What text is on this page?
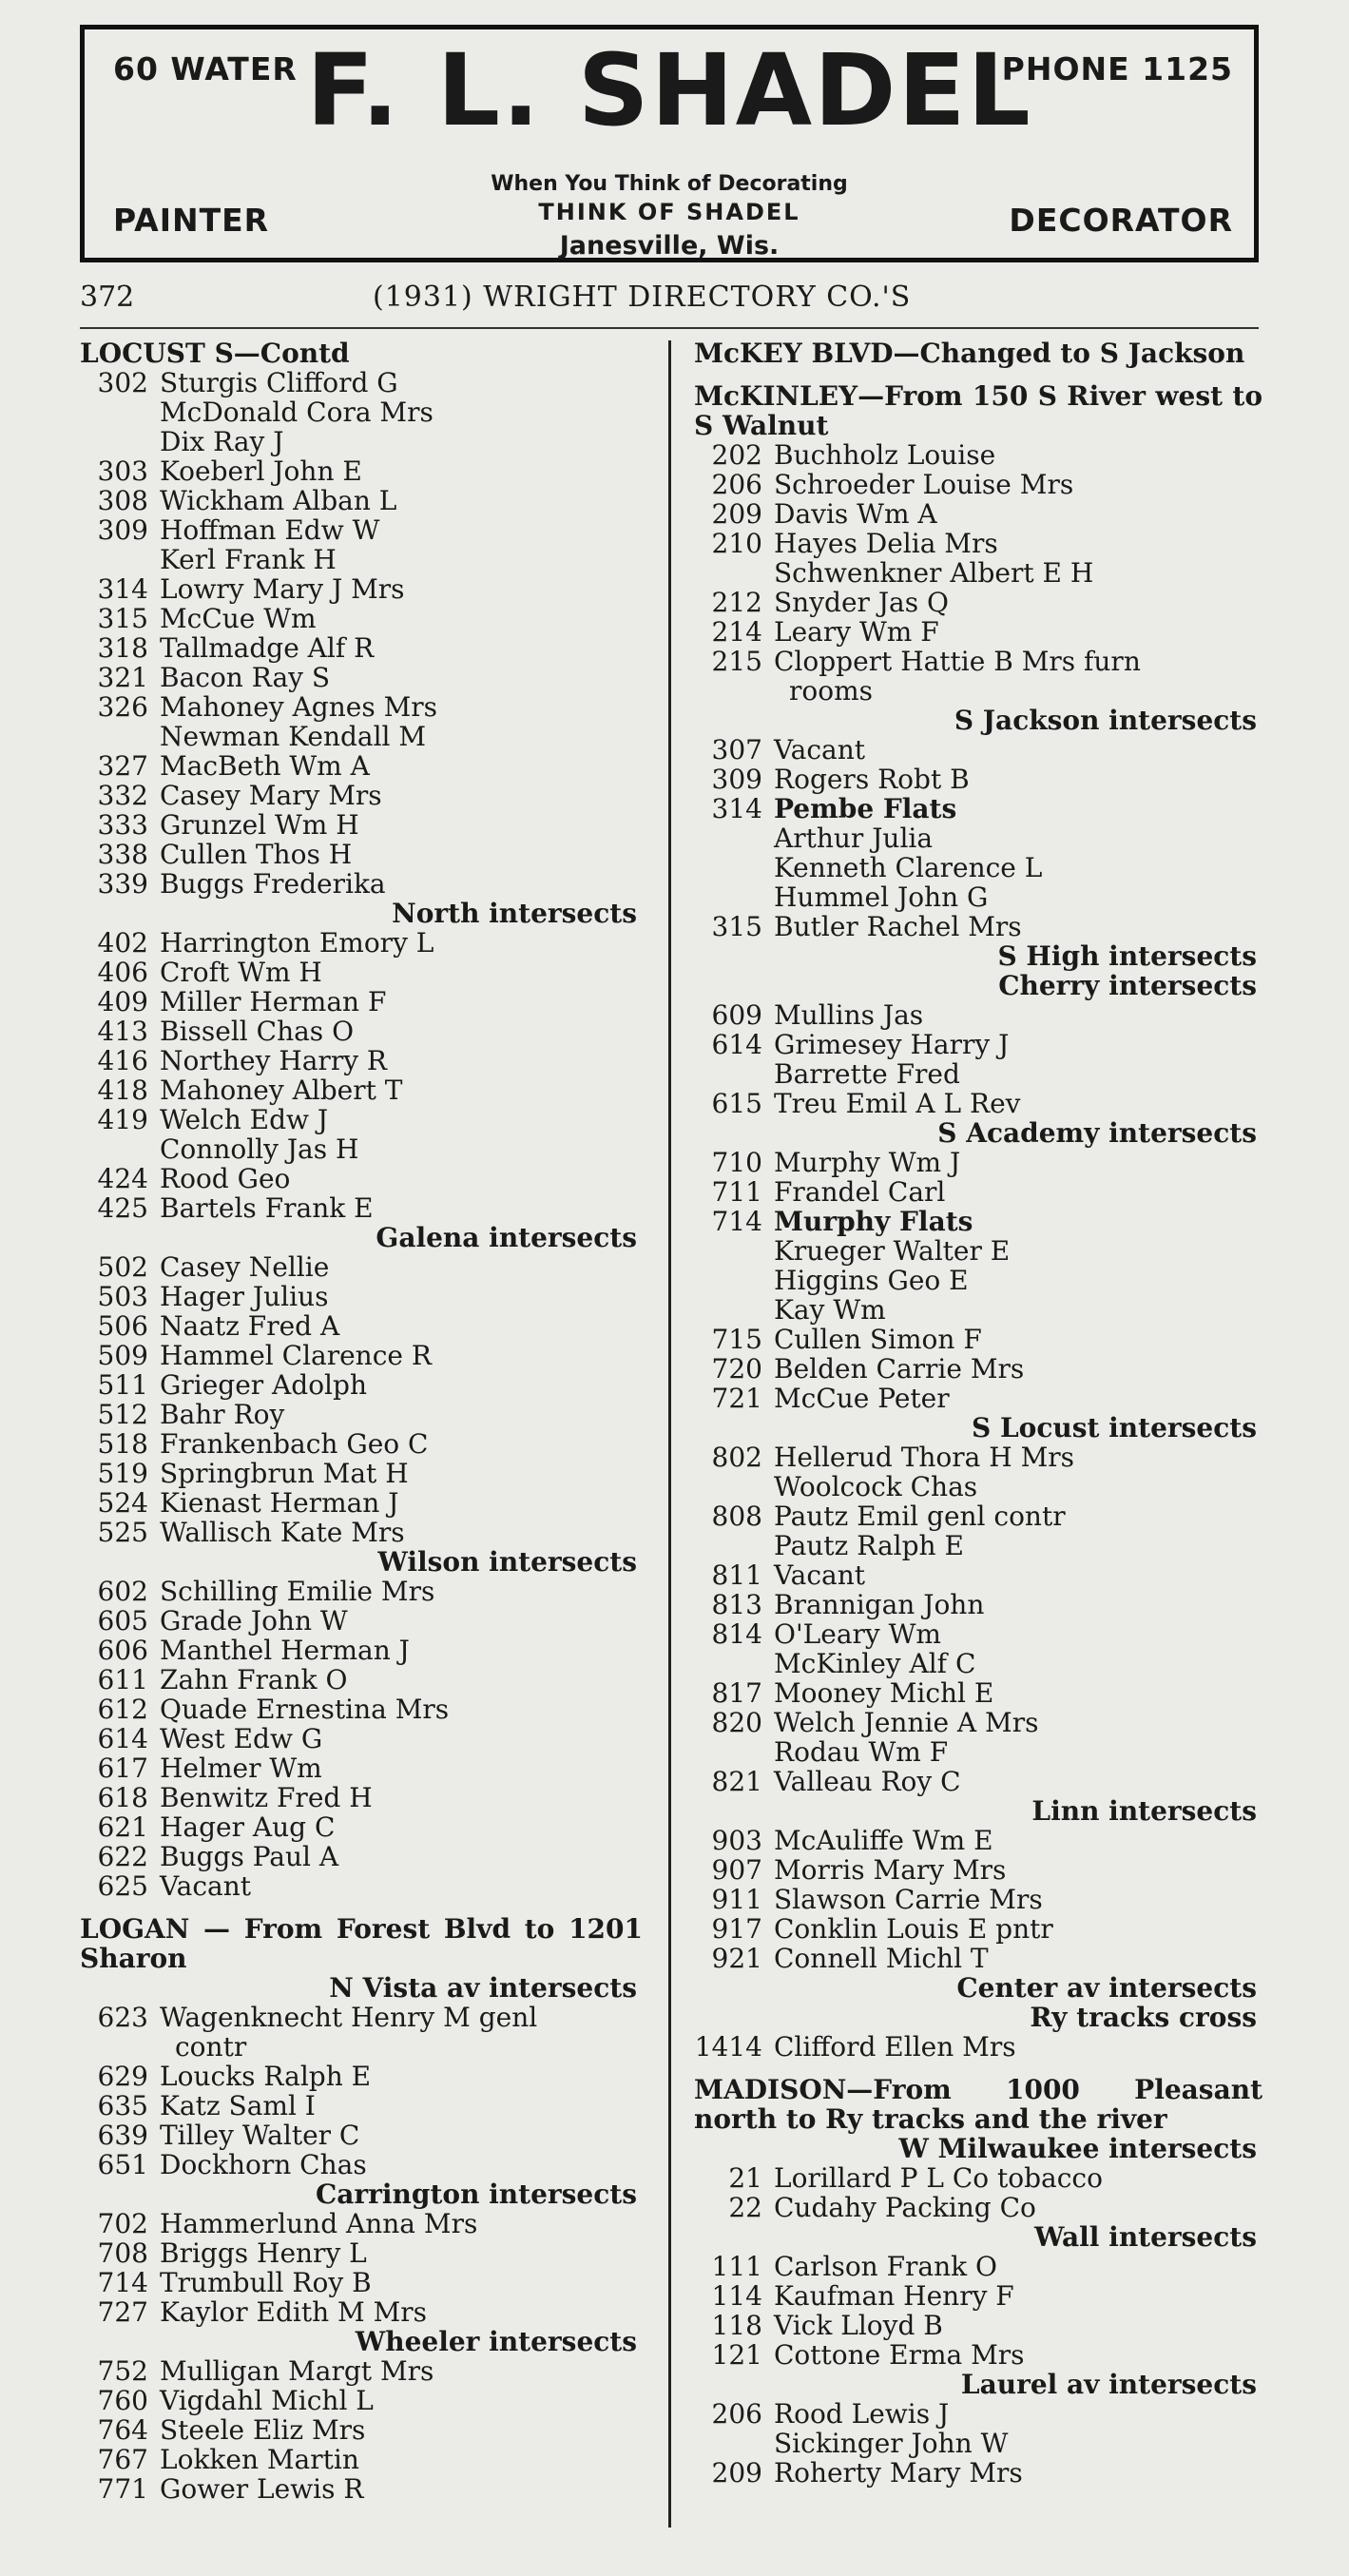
60 WATER F. L. SHADEL
PHONE 1125
When You Think of Decorating
THINK OF SHADEL
PAINTER
Janesville, Wis.
DECORATOR
372	(1931) WRIGHT DIRECTORY CO.'S
LOCUST S—Contd
302 Sturgis Clifford G
McDonald Cora Mrs
Dix Ray J
303 Koeberl John E
308 Wickham Alban L
309 Hoffman Edw W
Kerl Frank H
314 Lowry Mary J Mrs
315 McCue Wm
318 Tallmadge Alf R
321 Bacon Ray S
326 Mahoney Agnes Mrs
Newman Kendall M
327 MacBeth Wm A
332 Casey Mary Mrs
333 Grunzel Wm H
338 Cullen Thos H
339 Buggs Frederika
North intersects
402 Harrington Emory L
406 Croft Wm H
409 Miller Herman F
413 Bissell Chas O
416 Northey Harry R
418 Mahoney Albert T
419 Welch Edw J
Connolly Jas H
424 Rood Geo
425 Bartels Frank E
Galena intersects
502 Casey Nellie
503 Hager Julius
506 Naatz Fred A
509 Hammel Clarence R
511 Grieger Adolph
512 Bahr Roy
518 Frankenbach Geo C
519 Springbrun Mat H
524 Kienast Herman J
525 Wallisch Kate Mrs
Wilson intersects
602 Schilling Emilie Mrs
605 Grade John W
606 Manthel Herman J
611 Zahn Frank O
612 Quade Ernestina Mrs
614 West Edw G
617 Helmer Wm
618 Benwitz Fred H
621 Hager Aug C
622 Buggs Paul A
625 Vacant
LOGAN — From Forest Blvd to 1201 Sharon
N Vista av intersects
623 Wagenknecht Henry M genl
contr
629 Loucks Ralph E
635 Katz Saml I
639 Tilley Walter C
651 Dockhorn Chas
Carrington intersects
702 Hammerlund Anna Mrs
708 Briggs Henry L
714 Trumbull Roy B
727 Kaylor Edith M Mrs
Wheeler intersects
752 Mulligan Margt Mrs
760 Vigdahl Michl L
764 Steele Eliz Mrs
767 Lokken Martin
771 Gower Lewis R
McKEY BLVD—Changed to S Jackson
McKINLEY—From 150 S River west to S Walnut
202 Buchholz Louise
206 Schroeder Louise Mrs
209 Davis Wm A
210 Hayes Delia Mrs
Schwenkner Albert E H
212 Snyder Jas Q
214 Leary Wm F
215 Cloppert Hattie B Mrs furn
rooms
S Jackson intersects
307 Vacant
309 Rogers Robt B
314 Pembe Flats
Arthur Julia
Kenneth Clarence L
Hummel John G
315 Butler Rachel Mrs
S High intersects
Cherry intersects
609 Mullins Jas
614 Grimesey Harry J
Barrette Fred
615 Treu Emil A L Rev
S Academy intersects
710 Murphy Wm J
711 Frandel Carl
714 Murphy Flats
Krueger Walter E
Higgins Geo E
Kay Wm
715 Cullen Simon F
720 Belden Carrie Mrs
721 McCue Peter
S Locust intersects
802 Hellerud Thora H Mrs
Woolcock Chas
808 Pautz Emil genl contr
Pautz Ralph E
811 Vacant
813 Brannigan John
814 O'Leary Wm
McKinley Alf C
817 Mooney Michl E
820 Welch Jennie A Mrs
Rodau Wm F
821 Valleau Roy C
Linn intersects
903 McAuliffe Wm E
907 Morris Mary Mrs
911 Slawson Carrie Mrs
917 Conklin Louis E pntr
921 Connell Michl T
Center av intersects
Ry tracks cross
1414 Clifford Ellen Mrs
MADISON—From 1000 Pleasant north to Ry tracks and the river
W Milwaukee intersects
21 Lorillard P L Co tobacco
22 Cudahy Packing Co
Wall intersects
111 Carlson Frank O
114 Kaufman Henry F
118 Vick Lloyd B
121 Cottone Erma Mrs
Laurel av intersects
206 Rood Lewis J
Sickinger John W
209 Roherty Mary Mrs
